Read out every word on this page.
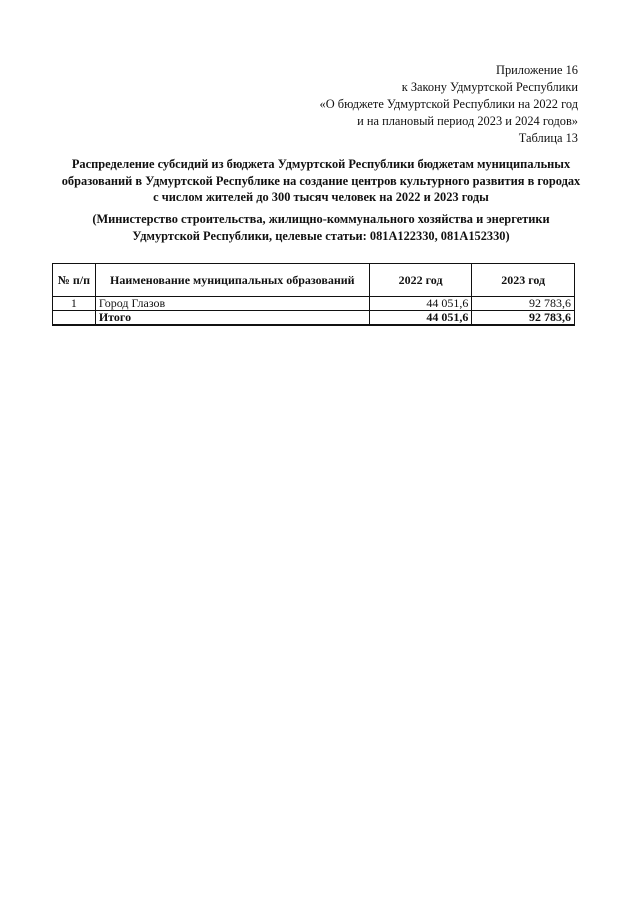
Приложение 16
к Закону Удмуртской Республики
«О бюджете Удмуртской Республики на 2022 год
и на плановый период 2023 и 2024 годов»
Таблица 13
Распределение субсидий из бюджета Удмуртской Республики бюджетам муниципальных
образований в Удмуртской Республике на создание центров культурного развития в городах
с числом жителей до 300 тысяч человек на 2022 и 2023 годы
(Министерство строительства, жилищно-коммунального хозяйства и энергетики
Удмуртской Республики, целевые статьи: 081А122330, 081А152330)
№ п/п	Наименование муниципальных образований	2022 год	2023 год
1	Город Глазов	44 051,6	92 783,6
	Итого	44 051,6	92 783,6
